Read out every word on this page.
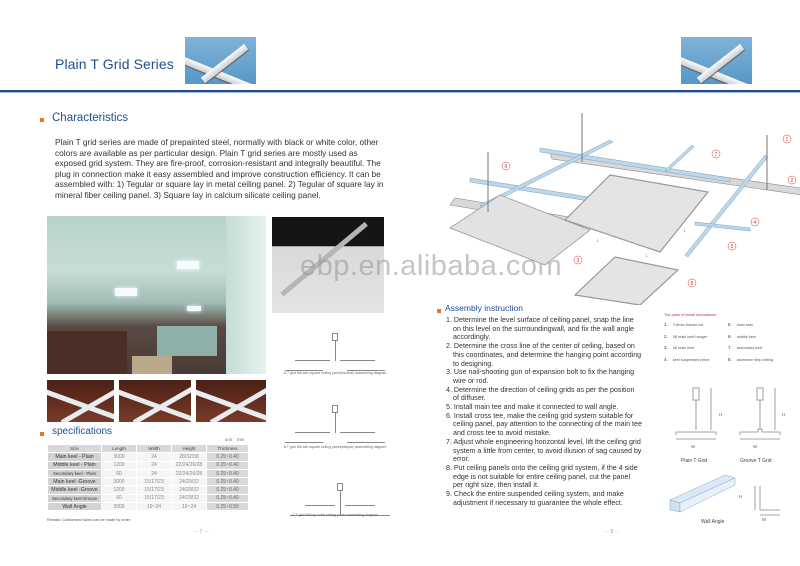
Plain T Grid Series
Characteristics
Plain T grid series are made of prepainted steel, normally with black or white color, other colors are available as per particular design. Plain T grid series are mostly used as exposed grid system. They are fire-proof, corrosion-resistant and integrally beautiful. The plug in connection make it easy assembled and improve construction efficiency. It can be assembled with: 1) Tegular or square lay in metal ceiling panel. 2) Tegular of square lay in mineral fiber ceiling panel. 3) Square lay in calcium silicate ceiling panel.
ebp.en.alibaba.com
A.T grid Wit,ach square ceiling panel(vertical) assembling diagram
A.T grid Wit,ach square ceiling panel(oblique) assembling diagram
C.T grid Wit,lay in flat ceiling panel assembling diagram
specifications
unit： mm
Size	Length	Width	Height	Thickness
Main keel - Plain	3000	24	28/32/38	0.25~0.40
Middle keel - Plain	1200	24	22/24/26/28	0.25~0.40
Secondary keel - Plain	60	24	22/24/26/28	0.25~0.40
Main keel -Groove	3000	15/17/23	24/29/32	0.25~0.40
Middle keel -Groove	1200	15/17/23	24/29/32	0.25~0.40
Secondary keel-Groove	60	15/17/23	24/29/32	0.25~0.40
Wall Angle	3000	19~24	19~24	0.25~0.50
Remark: Customized sizes can be made by order.
— 7 —	— 8 —
↓
↓
↓
1
2
3
4
5
6
7
8
Assembly instruction
1. Determine the level surface of ceiling panel, snap the line on this level on the surroundingwall, and fix the wall angle accordingly.
2. Determine the cross line of the center of ceiling, based on this coordinates, and determine the hanging point according to designing.
3. Use nail-shooting gun of expansion bolt to fix the hanging wire or rod.
4. Determine the direction of ceiling grids as per the position of diffuser.
5. Install main tee and make it connected to wall angle.
6. Install cross tee, make the ceiling grid system suitable for ceiling panel, pay attention to the connecting of the main tee and cross tee to avoid mistake.
7. Adjust whole engineering horizontal level, lift the ceiling grid system a little from center, to avoid illusion of sag caused by error.
8. Put ceiling panels onto the ceiling grid system, if the 4 side edge is not suitable for entire ceiling panel, cut the panel per right size, then install it.
9. Check the entire suspended ceiling system, and make adjustment if necessary to guarantee the whole effect.
The parts of install elucidations
1. Y-8mm thread rod	5. main keel
2. 38 main keel hanger	6. middle keel
3. 38 main keel	7. secondary keel
4. keel suspended piece	8. aluminum strip ceiling
H	H
W	W
Plain T Grid	Groove T Grid
H
W
Wall Angle
